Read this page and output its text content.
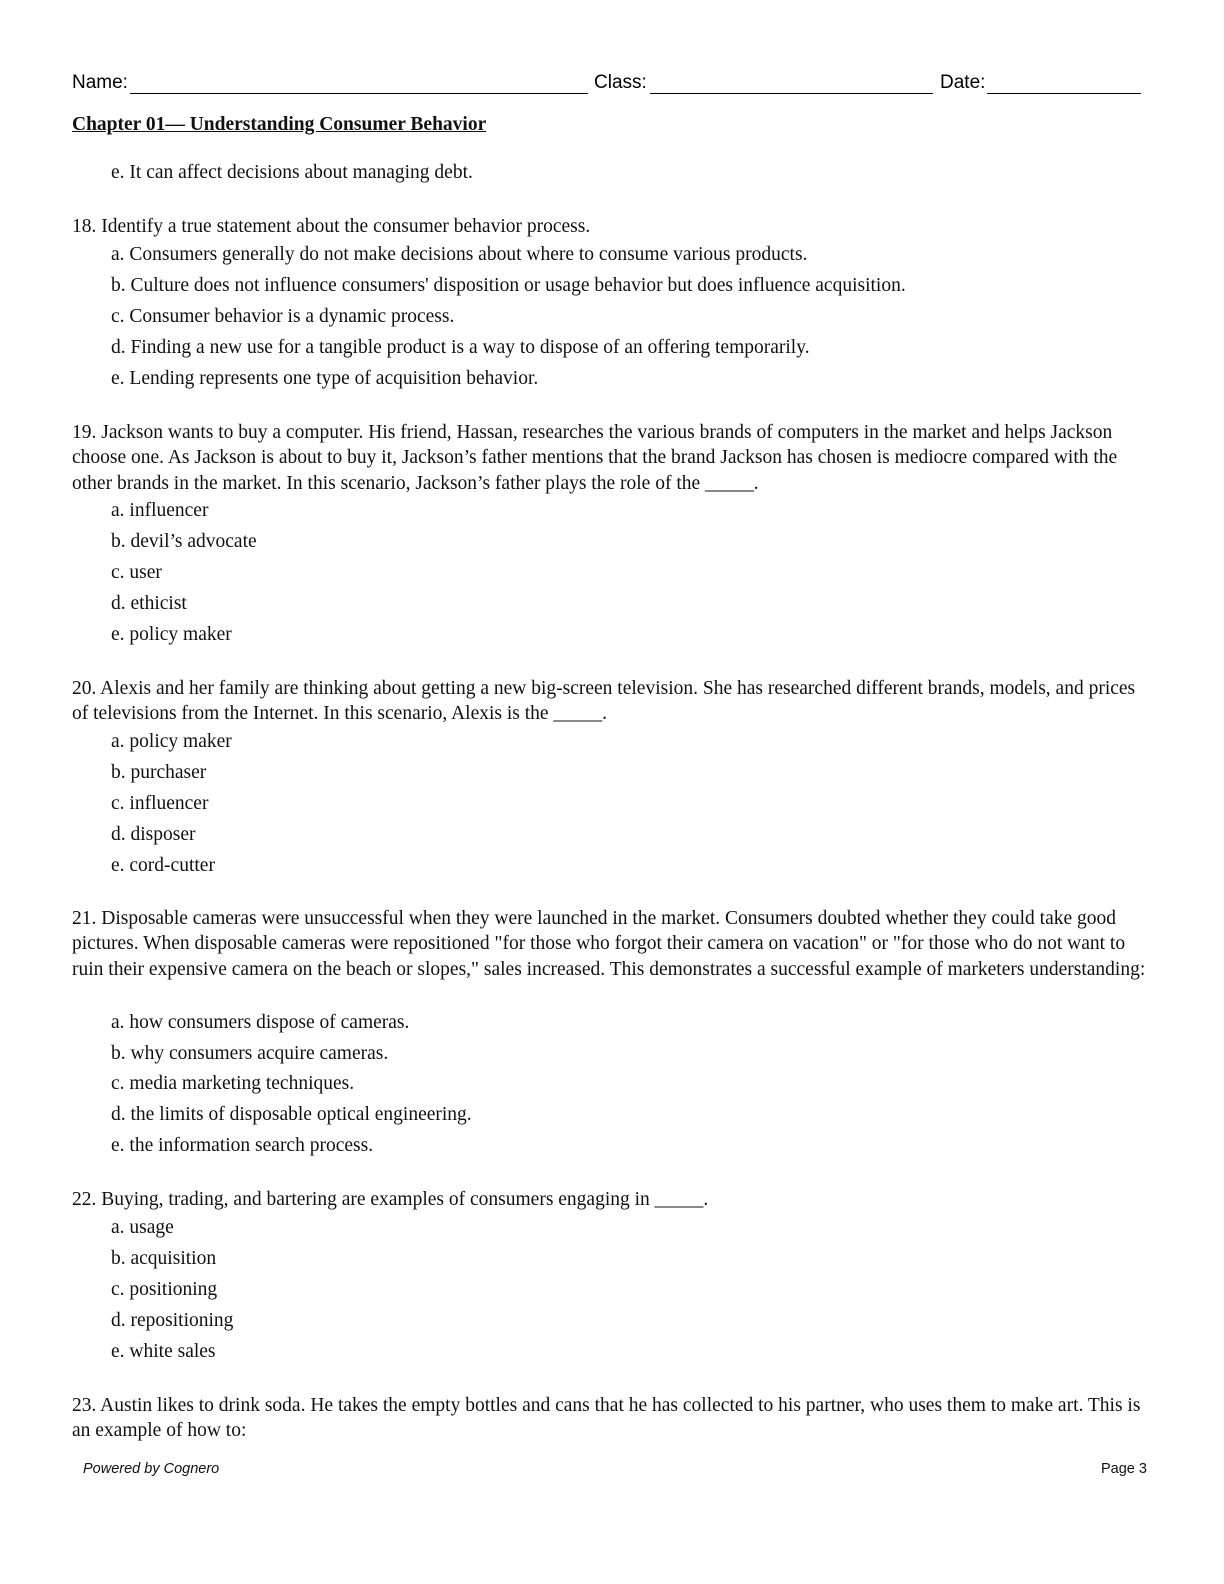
Name:	Class:	Date:
Chapter 01— Understanding Consumer Behavior
e. It can affect decisions about managing debt.
18. Identify a true statement about the consumer behavior process.
a. Consumers generally do not make decisions about where to consume various products.
b. Culture does not influence consumers' disposition or usage behavior but does influence acquisition.
c. Consumer behavior is a dynamic process.
d. Finding a new use for a tangible product is a way to dispose of an offering temporarily.
e. Lending represents one type of acquisition behavior.
19. Jackson wants to buy a computer. His friend, Hassan, researches the various brands of computers in the market and helps Jackson choose one. As Jackson is about to buy it, Jackson’s father mentions that the brand Jackson has chosen is mediocre compared with the other brands in the market. In this scenario, Jackson’s father plays the role of the _____.
a. influencer
b. devil’s advocate
c. user
d. ethicist
e. policy maker
20. Alexis and her family are thinking about getting a new big-screen television. She has researched different brands, models, and prices of televisions from the Internet. In this scenario, Alexis is the _____.
a. policy maker
b. purchaser
c. influencer
d. disposer
e. cord-cutter
21. Disposable cameras were unsuccessful when they were launched in the market. Consumers doubted whether they could take good pictures. When disposable cameras were repositioned "for those who forgot their camera on vacation" or "for those who do not want to ruin their expensive camera on the beach or slopes," sales increased. This demonstrates a successful example of marketers understanding:
a. how consumers dispose of cameras.
b. why consumers acquire cameras.
c. media marketing techniques.
d. the limits of disposable optical engineering.
e. the information search process.
22. Buying, trading, and bartering are examples of consumers engaging in _____.
a. usage
b. acquisition
c. positioning
d. repositioning
e. white sales
23. Austin likes to drink soda. He takes the empty bottles and cans that he has collected to his partner, who uses them to make art. This is an example of how to:
Powered by Cognero	Page 3
